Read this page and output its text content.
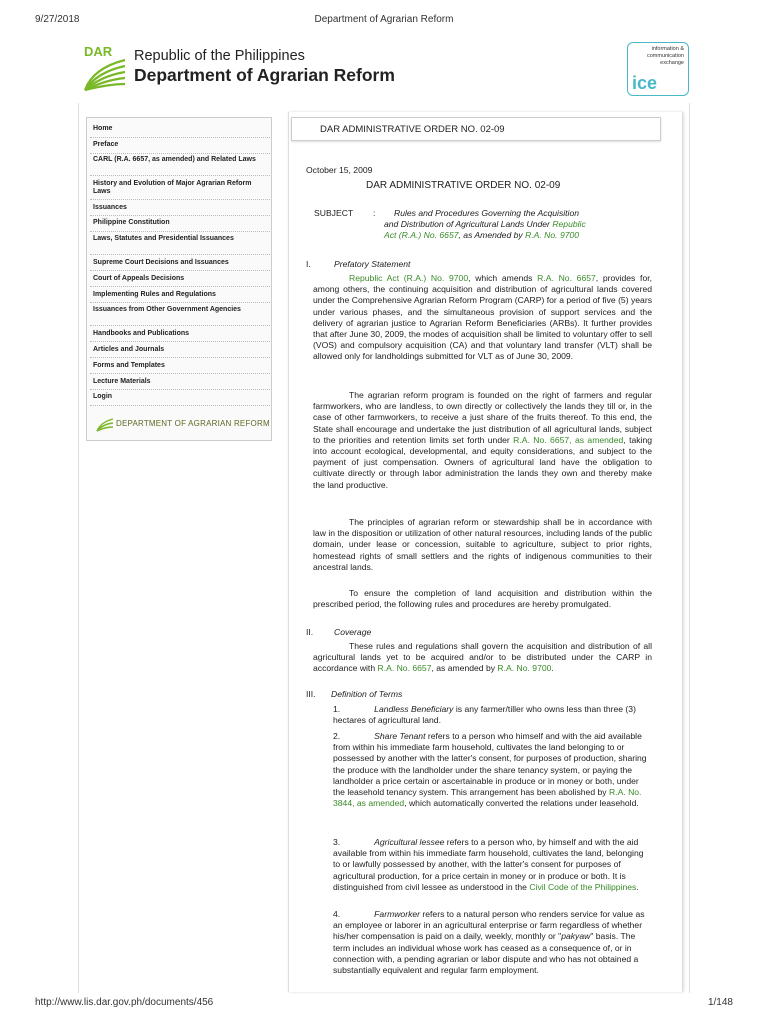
9/27/2018	Department of Agrarian Reform
DAR Republic of the Philippines
Department of Agrarian Reform
information &
communication
exchange
ice
Home
Preface
CARL (R.A. 6657, as amended) and Related Laws
History and Evolution of Major Agrarian Reform Laws
Issuances
Philippine Constitution
Laws, Statutes and Presidential Issuances
Supreme Court Decisions and Issuances
Court of Appeals Decisions
Implementing Rules and Regulations
Issuances from Other Government Agencies
Handbooks and Publications
Articles and Journals
Forms and Templates
Lecture Materials
Login
DEPARTMENT OF AGRARIAN REFORM
DAR ADMINISTRATIVE ORDER NO. 02-09
October 15, 2009
DAR ADMINISTRATIVE ORDER NO. 02-09
SUBJECT	:	Rules and Procedures Governing the Acquisition
and Distribution of Agricultural Lands Under Republic
Act (R.A.) No. 6657, as Amended by R.A. No. 9700
I.	Prefatory Statement
Republic Act (R.A.) No. 9700, which amends R.A. No. 6657, provides for, among others, the continuing acquisition and distribution of agricultural lands covered under the Comprehensive Agrarian Reform Program (CARP) for a period of five (5) years under various phases, and the simultaneous provision of support services and the delivery of agrarian justice to Agrarian Reform Beneficiaries (ARBs). It further provides that after June 30, 2009, the modes of acquisition shall be limited to voluntary offer to sell (VOS) and compulsory acquisition (CA) and that voluntary land transfer (VLT) shall be allowed only for landholdings submitted for VLT as of June 30, 2009.
The agrarian reform program is founded on the right of farmers and regular farmworkers, who are landless, to own directly or collectively the lands they till or, in the case of other farmworkers, to receive a just share of the fruits thereof. To this end, the State shall encourage and undertake the just distribution of all agricultural lands, subject to the priorities and retention limits set forth under R.A. No. 6657, as amended, taking into account ecological, developmental, and equity considerations, and subject to the payment of just compensation. Owners of agricultural land have the obligation to cultivate directly or through labor administration the lands they own and thereby make the land productive.
The principles of agrarian reform or stewardship shall be in accordance with law in the disposition or utilization of other natural resources, including lands of the public domain, under lease or concession, suitable to agriculture, subject to prior rights, homestead rights of small settlers and the rights of indigenous communities to their ancestral lands.
To ensure the completion of land acquisition and distribution within the prescribed period, the following rules and procedures are hereby promulgated.
II.	Coverage
These rules and regulations shall govern the acquisition and distribution of all agricultural lands yet to be acquired and/or to be distributed under the CARP in accordance with R.A. No. 6657, as amended by R.A. No. 9700.
III.	Definition of Terms
1.	Landless Beneficiary is any farmer/tiller who owns less than three (3) hectares of agricultural land.
2.	Share Tenant refers to a person who himself and with the aid available from within his immediate farm household, cultivates the land belonging to or possessed by another with the latter's consent, for purposes of production, sharing the produce with the landholder under the share tenancy system, or paying the landholder a price certain or ascertainable in produce or in money or both, under the leasehold tenancy system. This arrangement has been abolished by R.A. No. 3844, as amended, which automatically converted the relations under leasehold.
3.	Agricultural lessee refers to a person who, by himself and with the aid available from within his immediate farm household, cultivates the land, belonging to or lawfully possessed by another, with the latter's consent for purposes of agricultural production, for a price certain in money or in produce or both. It is distinguished from civil lessee as understood in the Civil Code of the Philippines.
4.	Farmworker refers to a natural person who renders service for value as an employee or laborer in an agricultural enterprise or farm regardless of whether his/her compensation is paid on a daily, weekly, monthly or "pakyaw" basis. The term includes an individual whose work has ceased as a consequence of, or in connection with, a pending agrarian or labor dispute and who has not obtained a substantially equivalent and regular farm employment.
http://www.lis.dar.gov.ph/documents/456	1/148
